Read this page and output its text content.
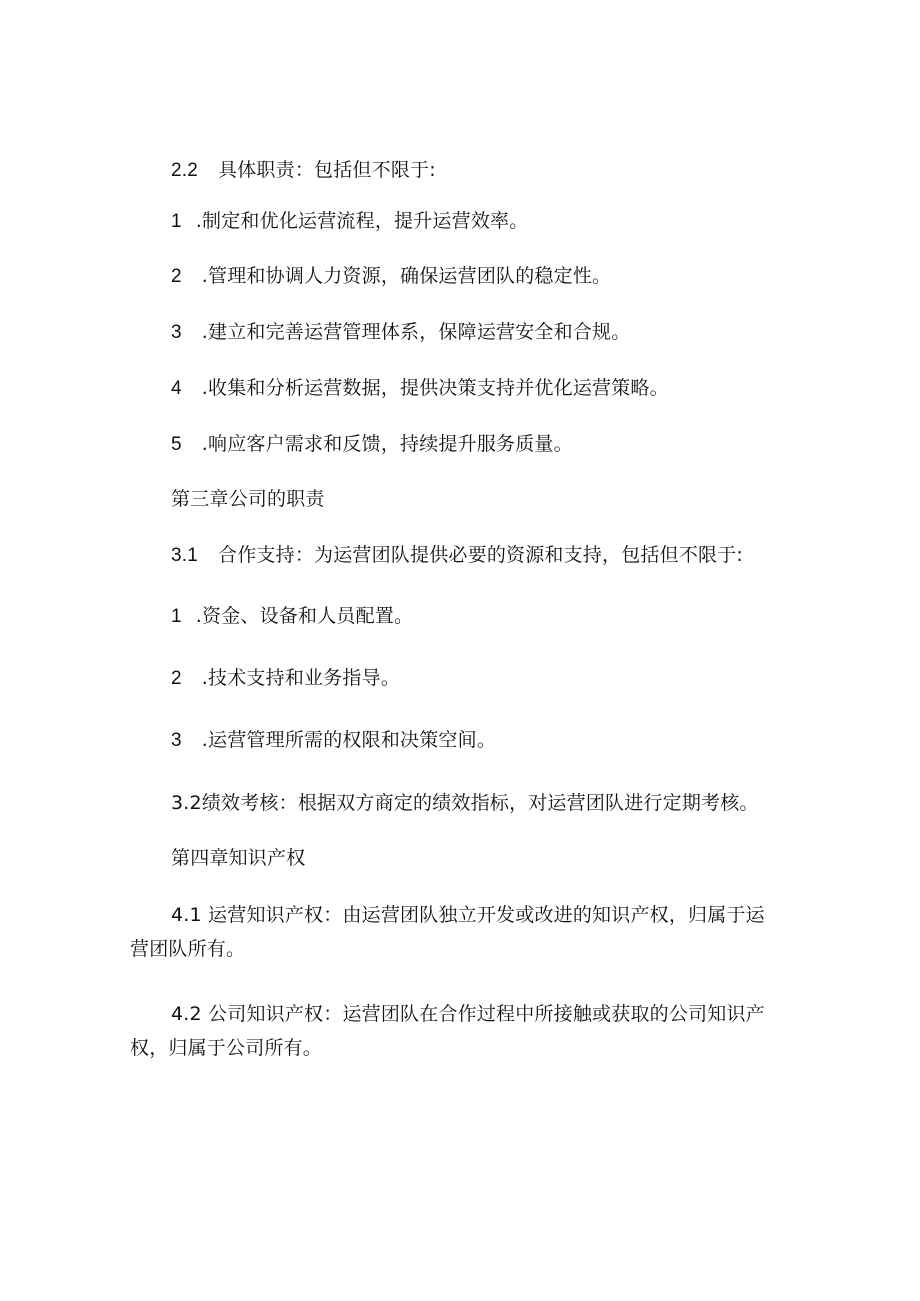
2.2 具体职责：包括但不限于:
1 .制定和优化运营流程，提升运营效率。
2 .管理和协调人力资源，确保运营团队的稳定性。
3 .建立和完善运营管理体系，保障运营安全和合规。
4 .收集和分析运营数据，提供决策支持并优化运营策略。
5 .响应客户需求和反馈，持续提升服务质量。
第三章公司的职责
3.1 合作支持：为运营团队提供必要的资源和支持，包括但不限于:
1 .资金、设备和人员配置。
2 .技术支持和业务指导。
3 .运营管理所需的权限和决策空间。
3.2绩效考核：根据双方商定的绩效指标，对运营团队进行定期考核。
第四章知识产权
4.1 运营知识产权：由运营团队独立开发或改进的知识产权，归属于运营团队所有。
4.2 公司知识产权：运营团队在合作过程中所接触或获取的公司知识产权，归属于公司所有。
